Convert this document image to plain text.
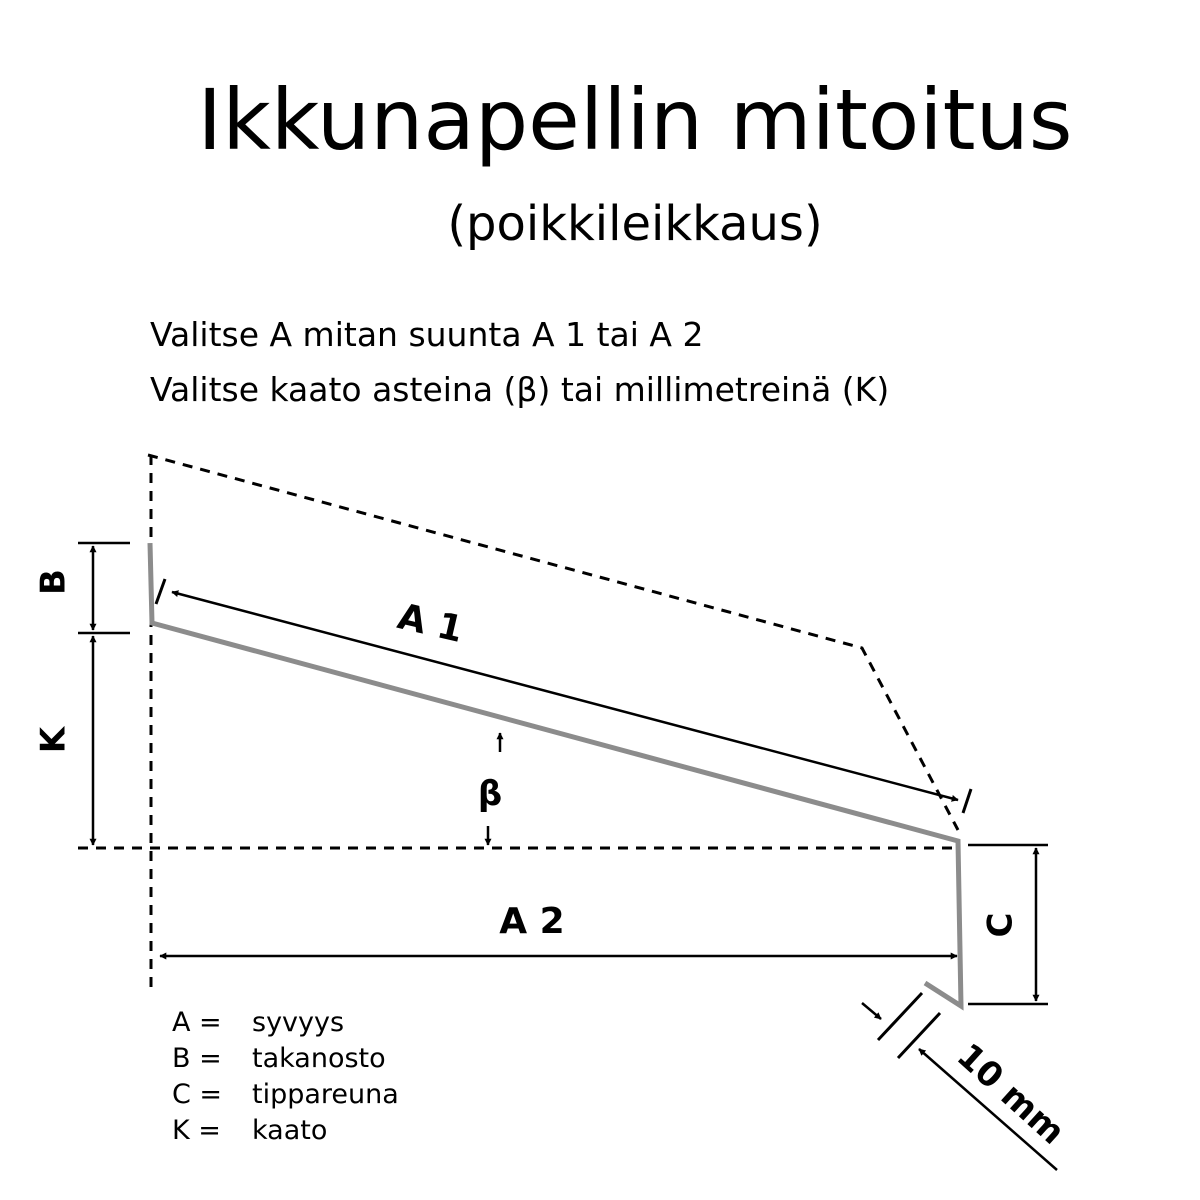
Ikkunapellin mitoitus
(poikkileikkaus)
Valitse A mitan suunta A 1 tai A 2
Valitse kaato asteina (β) tai millimetreinä (K)
A 1
B
K
β
A 2	C
10 mm
A =	syvyys
B =	takanosto
C =	tippareuna
K =	kaato
